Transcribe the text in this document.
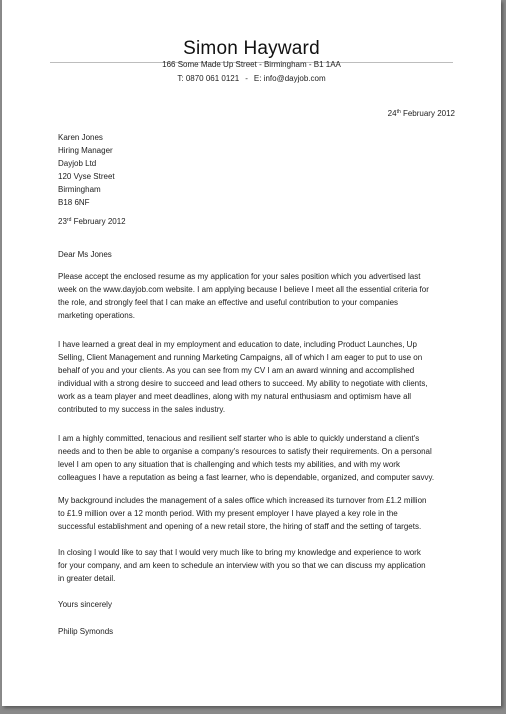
Simon Hayward
166 Some Made Up Street - Birmingham - B1 1AA
T: 0870 061 0121 - E: info@dayjob.com
24th February 2012
Karen Jones
Hiring Manager
Dayjob Ltd
120 Vyse Street
Birmingham
B18 6NF
23rd February 2012
Dear Ms Jones
Please accept the enclosed resume as my application for your sales position which you advertised last
week on the www.dayjob.com website. I am applying because I believe I meet all the essential criteria for
the role, and strongly feel that I can make an effective and useful contribution to your companies
marketing operations.
I have learned a great deal in my employment and education to date, including Product Launches, Up
Selling, Client Management and running Marketing Campaigns, all of which I am eager to put to use on
behalf of you and your clients. As you can see from my CV I am an award winning and accomplished
individual with a strong desire to succeed and lead others to succeed. My ability to negotiate with clients,
work as a team player and meet deadlines, along with my natural enthusiasm and optimism have all
contributed to my success in the sales industry.
I am a highly committed, tenacious and resilient self starter who is able to quickly understand a client's
needs and to then be able to organise a company's resources to satisfy their requirements. On a personal
level I am open to any situation that is challenging and which tests my abilities, and with my work
colleagues I have a reputation as being a fast learner, who is dependable, organized, and computer savvy.
My background includes the management of a sales office which increased its turnover from £1.2 million
to £1.9 million over a 12 month period. With my present employer I have played a key role in the
successful establishment and opening of a new retail store, the hiring of staff and the setting of targets.
In closing I would like to say that I would very much like to bring my knowledge and experience to work
for your company, and am keen to schedule an interview with you so that we can discuss my application
in greater detail.
Yours sincerely
Philip Symonds
